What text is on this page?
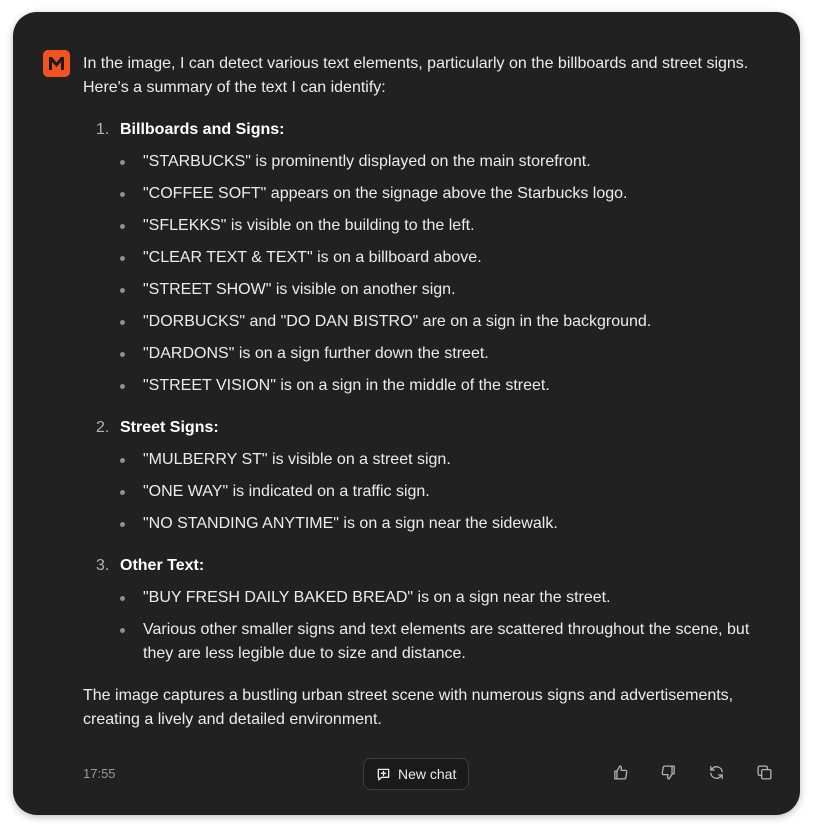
In the image, I can detect various text elements, particularly on the billboards and street signs. Here's a summary of the text I can identify:

1. Billboards and Signs:
"STARBUCKS" is prominently displayed on the main storefront.
"COFFEE SOFT" appears on the signage above the Starbucks logo.
"SFLEKKS" is visible on the building to the left.
"CLEAR TEXT & TEXT" is on a billboard above.
"STREET SHOW" is visible on another sign.
"DORBUCKS" and "DO DAN BISTRO" are on a sign in the background.
"DARDONS" is on a sign further down the street.
"STREET VISION" is on a sign in the middle of the street.
2. Street Signs:
"MULBERRY ST" is visible on a street sign.
"ONE WAY" is indicated on a traffic sign.
"NO STANDING ANYTIME" is on a sign near the sidewalk.
3. Other Text:
"BUY FRESH DAILY BAKED BREAD" is on a sign near the street.
Various other smaller signs and text elements are scattered throughout the scene, but they are less legible due to size and distance.

The image captures a bustling urban street scene with numerous signs and advertisements, creating a lively and detailed environment.

17:55	New chat
